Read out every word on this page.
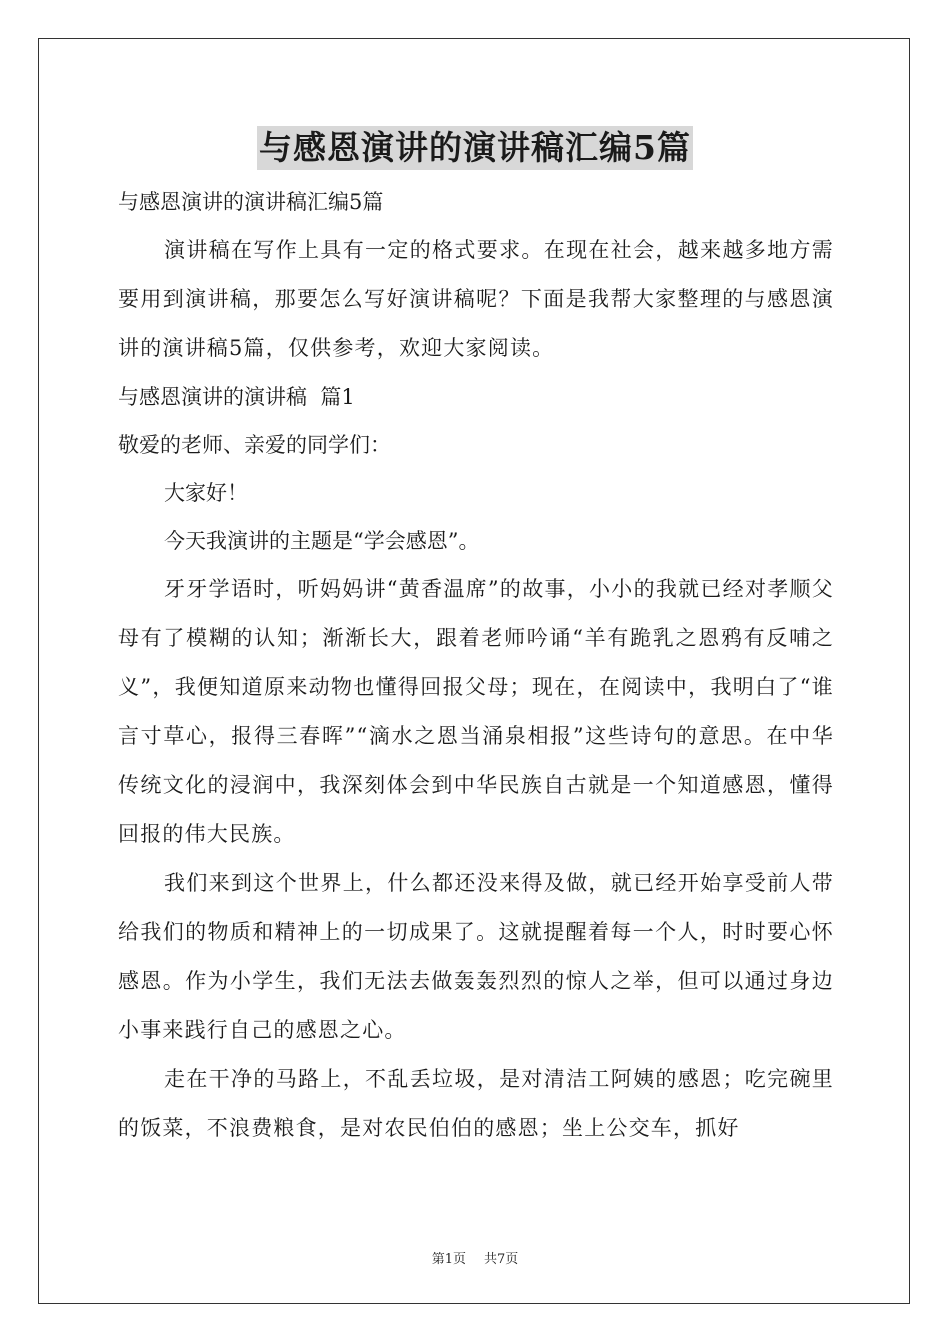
与感恩演讲的演讲稿汇编5篇
与感恩演讲的演讲稿汇编5篇
演讲稿在写作上具有一定的格式要求。在现在社会，越来越多地方需要用到演讲稿，那要怎么写好演讲稿呢？下面是我帮大家整理的与感恩演讲的演讲稿5篇，仅供参考，欢迎大家阅读。
与感恩演讲的演讲稿  篇1
敬爱的老师、亲爱的同学们：
大家好！
今天我演讲的主题是“学会感恩”。
牙牙学语时，听妈妈讲“黄香温席”的故事，小小的我就已经对孝顺父母有了模糊的认知；渐渐长大，跟着老师吟诵“羊有跪乳之恩鸦有反哺之义”，我便知道原来动物也懂得回报父母；现在，在阅读中，我明白了“谁言寸草心，报得三春晖”“滴水之恩当涌泉相报”这些诗句的意思。在中华传统文化的浸润中，我深刻体会到中华民族自古就是一个知道感恩，懂得回报的伟大民族。
我们来到这个世界上，什么都还没来得及做，就已经开始享受前人带给我们的物质和精神上的一切成果了。这就提醒着每一个人，时时要心怀感恩。作为小学生，我们无法去做轰轰烈烈的惊人之举，但可以通过身边小事来践行自己的感恩之心。
走在干净的马路上，不乱丢垃圾，是对清洁工阿姨的感恩；吃完碗里的饭菜，不浪费粮食，是对农民伯伯的感恩；坐上公交车，抓好
第1页 共7页
